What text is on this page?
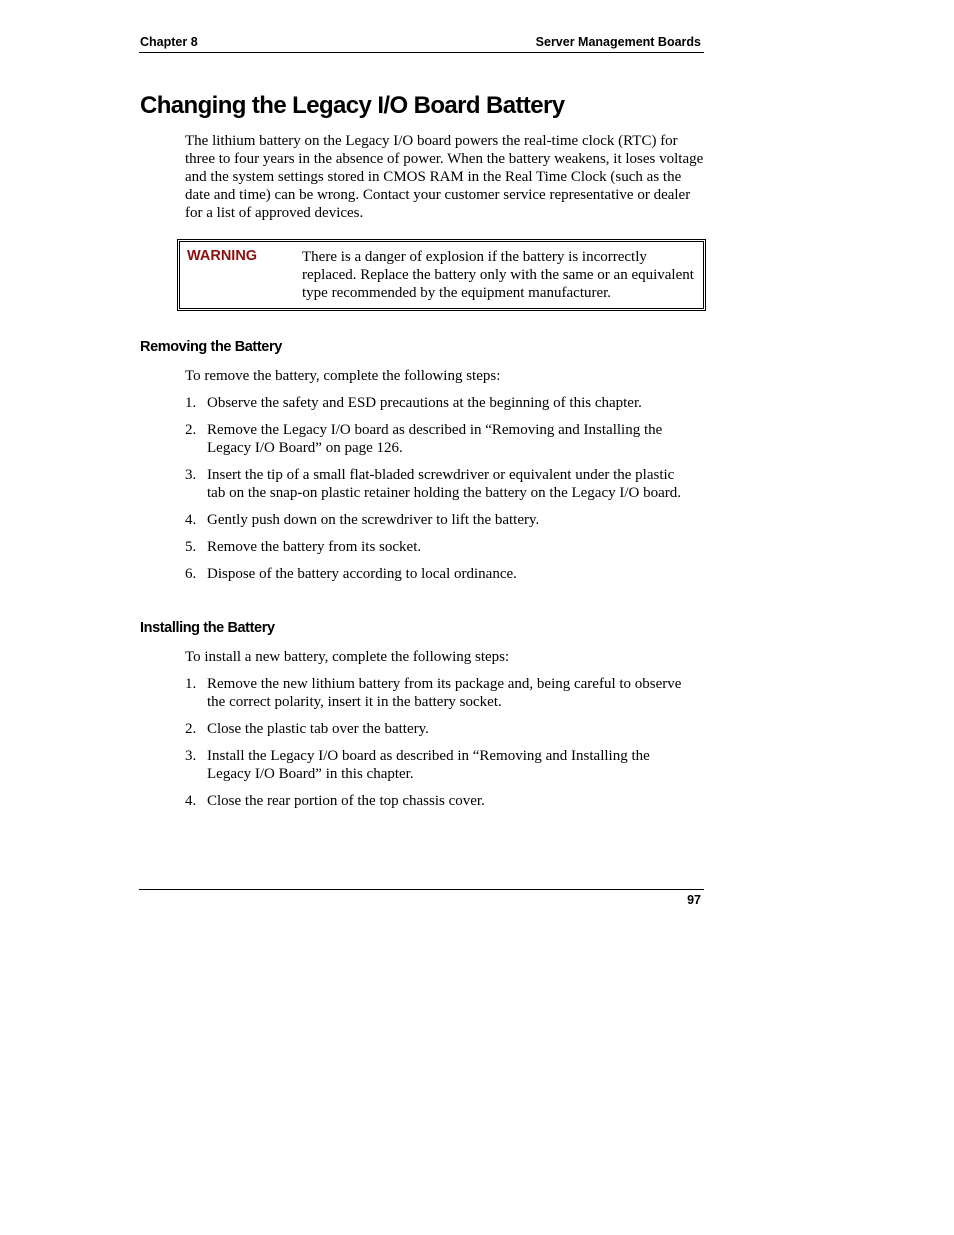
Chapter 8	Server Management Boards
Changing the Legacy I/O Board Battery

The lithium battery on the Legacy I/O board powers the real-time clock (RTC) for three to four years in the absence of power. When the battery weakens, it loses voltage and the system settings stored in CMOS RAM in the Real Time Clock (such as the date and time) can be wrong. Contact your customer service representative or dealer for a list of approved devices.

WARNING	There is a danger of explosion if the battery is incorrectly replaced. Replace the battery only with the same or an equivalent type recommended by the equipment manufacturer.
Removing the Battery

To remove the battery, complete the following steps:

1. Observe the safety and ESD precautions at the beginning of this chapter.
2. Remove the Legacy I/O board as described in “Removing and Installing the Legacy I/O Board” on page 126.
3. Insert the tip of a small flat-bladed screwdriver or equivalent under the plastic tab on the snap-on plastic retainer holding the battery on the Legacy I/O board.
4. Gently push down on the screwdriver to lift the battery.
5. Remove the battery from its socket.
6. Dispose of the battery according to local ordinance.
Installing the Battery

To install a new battery, complete the following steps:

1. Remove the new lithium battery from its package and, being careful to observe the correct polarity, insert it in the battery socket.
2. Close the plastic tab over the battery.
3. Install the Legacy I/O board as described in “Removing and Installing the Legacy I/O Board” in this chapter.
4. Close the rear portion of the top chassis cover.
97
